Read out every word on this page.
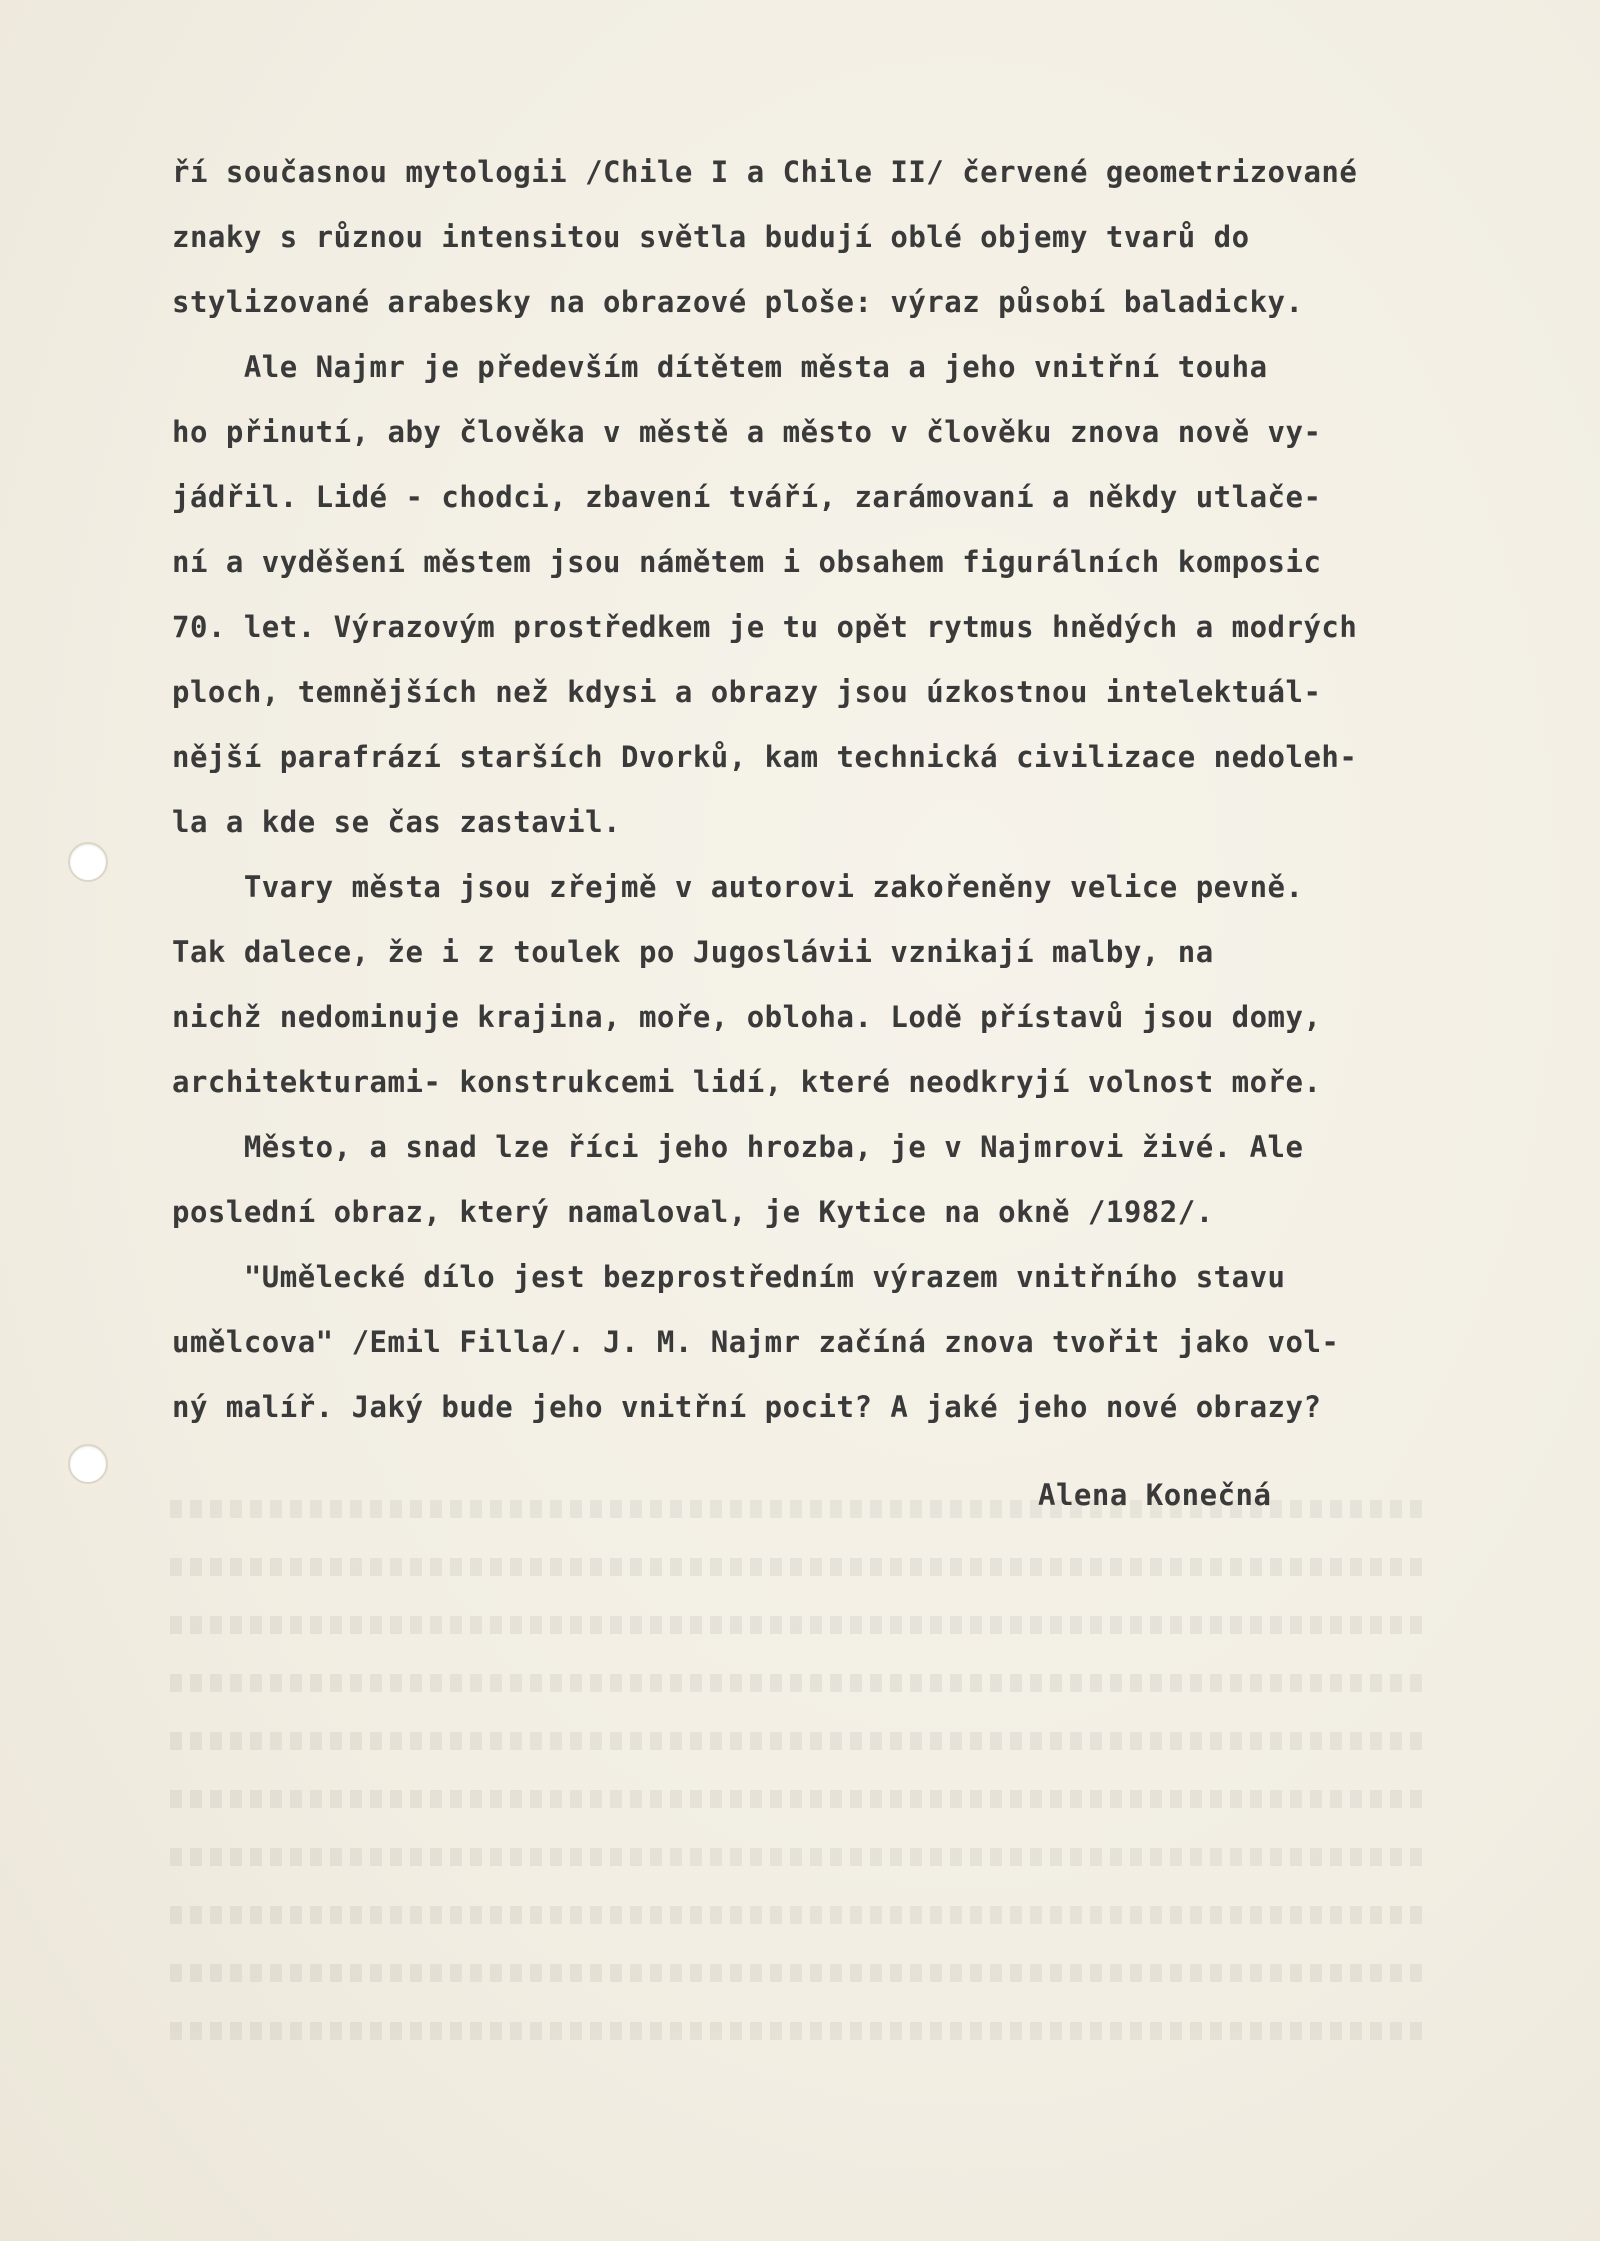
ří současnou mytologii /Chile I a Chile II/ červené geometrizované
znaky s různou intensitou světla budují oblé objemy tvarů do
stylizované arabesky na obrazové ploše: výraz působí baladicky.
Ale Najmr je především dítětem města a jeho vnitřní touha
ho přinutí, aby člověka v městě a město v člověku znova nově vy-
jádřil. Lidé - chodci, zbavení tváří, zarámovaní a někdy utlače-
ní a vyděšení městem jsou námětem i obsahem figurálních komposic
70. let. Výrazovým prostředkem je tu opět rytmus hnědých a modrých
ploch, temnějších než kdysi a obrazy jsou úzkostnou intelektuál-
nější parafrází starších Dvorků, kam technická civilizace nedoleh-
la a kde se čas zastavil.
Tvary města jsou zřejmě v autorovi zakořeněny velice pevně.
Tak dalece, že i z toulek po Jugoslávii vznikají malby, na
nichž nedominuje krajina, moře, obloha. Lodě přístavů jsou domy,
architekturami- konstrukcemi lidí, které neodkryjí volnost moře.
Město, a snad lze říci jeho hrozba, je v Najmrovi živé. Ale
poslední obraz, který namaloval, je Kytice na okně /1982/.
"Umělecké dílo jest bezprostředním výrazem vnitřního stavu
umělcova" /Emil Filla/. J. M. Najmr začíná znova tvořit jako vol-
ný malíř. Jaký bude jeho vnitřní pocit? A jaké jeho nové obrazy?
Alena Konečná
